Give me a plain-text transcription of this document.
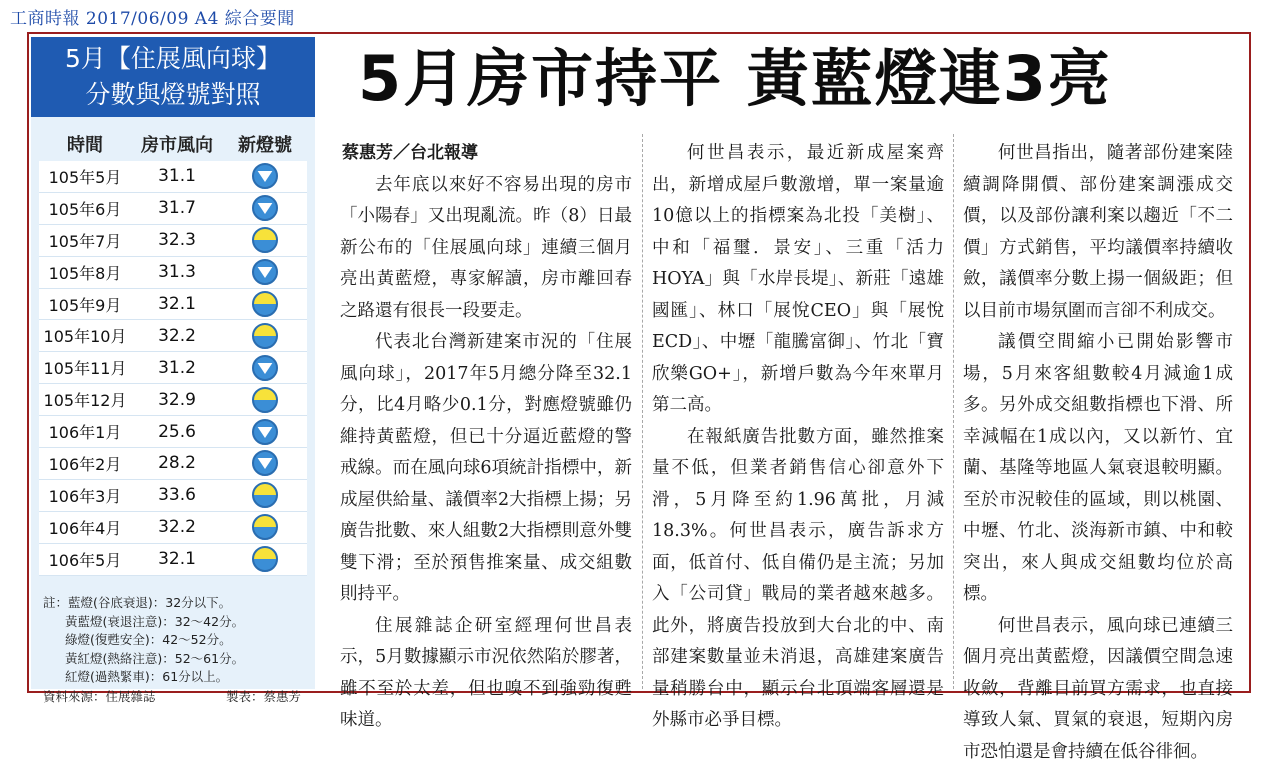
工商時報 2017/06/09 A4 綜合要聞
5月【住展風向球】
分數與燈號對照
時間	房市風向	新燈號
105年5月	31.1
105年6月	31.7
105年7月	32.3
105年8月	31.3
105年9月	32.1
105年10月	32.2
105年11月	31.2
105年12月	32.9
106年1月	25.6
106年2月	28.2
106年3月	33.6
106年4月	32.2
106年5月	32.1
註：藍燈(谷底衰退)：32分以下。
黃藍燈(衰退注意)：32～42分。
綠燈(復甦安全)：42～52分。
黃紅燈(熱絡注意)：52～61分。
紅燈(過熱緊車)：61分以上。
資料來源：住展雜誌	製表：蔡惠芳
5月房市持平 黃藍燈連3亮

蔡惠芳／台北報導

去年底以來好不容易出現的房市「小陽春」又出現亂流。昨（8）日最新公布的「住展風向球」連續三個月亮出黃藍燈，專家解讀，房市離回春之路還有很長一段要走。

代表北台灣新建案市況的「住展風向球」，2017年5月總分降至32.1分，比4月略少0.1分，對應燈號雖仍維持黃藍燈，但已十分逼近藍燈的警戒線。而在風向球6項統計指標中，新成屋供給量、議價率2大指標上揚；另廣告批數、來人組數2大指標則意外雙雙下滑；至於預售推案量、成交組數則持平。

住展雜誌企研室經理何世昌表示，5月數據顯示市況依然陷於膠著，雖不至於太差，但也嗅不到強勁復甦味道。

何世昌表示，最近新成屋案齊出，新增成屋戶數激增，單一案量逾10億以上的指標案為北投「美樹」、中和「福璽．景安」、三重「活力HOYA」與「水岸長堤」、新莊「遠雄國匯」、林口「展悅CEO」與「展悅ECD」、中壢「龍騰富御」、竹北「寶欣樂GO+」，新增戶數為今年來單月第二高。

在報紙廣告批數方面，雖然推案量不低，但業者銷售信心卻意外下滑，5月降至約1.96萬批，月減18.3%。何世昌表示，廣告訴求方面，低首付、低自備仍是主流；另加入「公司貸」戰局的業者越來越多。此外，將廣告投放到大台北的中、南部建案數量並未消退，高雄建案廣告量稍勝台中，顯示台北頂端客層還是外縣市必爭目標。

何世昌指出，隨著部份建案陸續調降開價、部份建案調漲成交價，以及部份讓利案以趨近「不二價」方式銷售，平均議價率持續收斂，議價率分數上揚一個級距；但以目前市場氛圍而言卻不利成交。

議價空間縮小已開始影響市場，5月來客組數較4月減逾1成多。另外成交組數指標也下滑、所幸減幅在1成以內，又以新竹、宜蘭、基隆等地區人氣衰退較明顯。至於市況較佳的區域，則以桃園、中壢、竹北、淡海新市鎮、中和較突出，來人與成交組數均位於高標。

何世昌表示，風向球已連續三個月亮出黃藍燈，因議價空間急速收斂，背離目前買方需求，也直接導致人氣、買氣的衰退，短期內房市恐怕還是會持續在低谷徘徊。
